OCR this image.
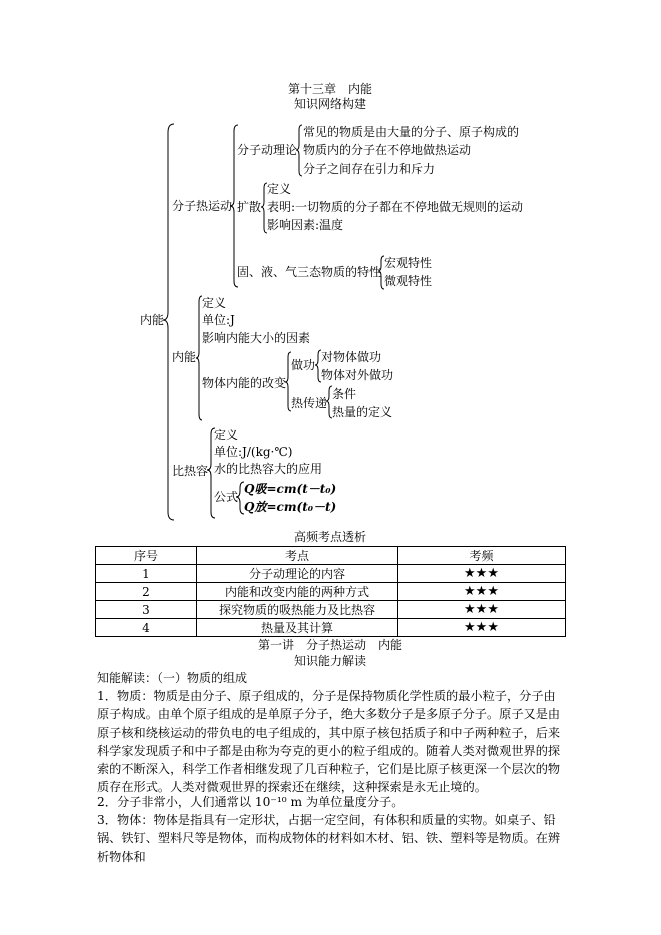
第十三章　内能
知识网络构建
内能
分子热运动
内能
比热容
分子动理论
常见的物质是由大量的分子、原子构成的
物质内的分子在不停地做热运动
分子之间存在引力和斥力
扩散
定义
表明:一切物质的分子都在不停地做无规则的运动
影响因素:温度
固、液、气三态物质的特性
宏观特性
微观特性
定义
单位:J
影响内能大小的因素
物体内能的改变
做功
对物体做功
物体对外做功
热传递
条件
热量的定义
定义
单位:J/(kg·℃)
水的比热容大的应用
公式
Q吸=cm(t－t₀)
Q放=cm(t₀－t)
高频考点透析
序号	考点	考频
1	分子动理论的内容	★★★
2	内能和改变内能的两种方式	★★★
3	探究物质的吸热能力及比热容	★★★
4	热量及其计算	★★★
第一讲　分子热运动　内能
知识能力解读
知能解读：（一）物质的组成
1．物质：物质是由分子、原子组成的，分子是保持物质化学性质的最小粒子，分子由原子构成。由单个原子组成的是单原子分子，绝大多数分子是多原子分子。原子又是由原子核和绕核运动的带负电的电子组成的，其中原子核包括质子和中子两种粒子，后来科学家发现质子和中子都是由称为夸克的更小的粒子组成的。随着人类对微观世界的探索的不断深入，科学工作者相继发现了几百种粒子，它们是比原子核更深一个层次的物质存在形式。人类对微观世界的探索还在继续，这种探索是永无止境的。
2．分子非常小，人们通常以 10⁻¹⁰ m 为单位量度分子。
3．物体：物体是指具有一定形状，占据一定空间，有体积和质量的实物。如桌子、铅锅、铁钉、塑料尺等是物体，而构成物体的材料如木材、铝、铁、塑料等是物质。在辨析物体和
